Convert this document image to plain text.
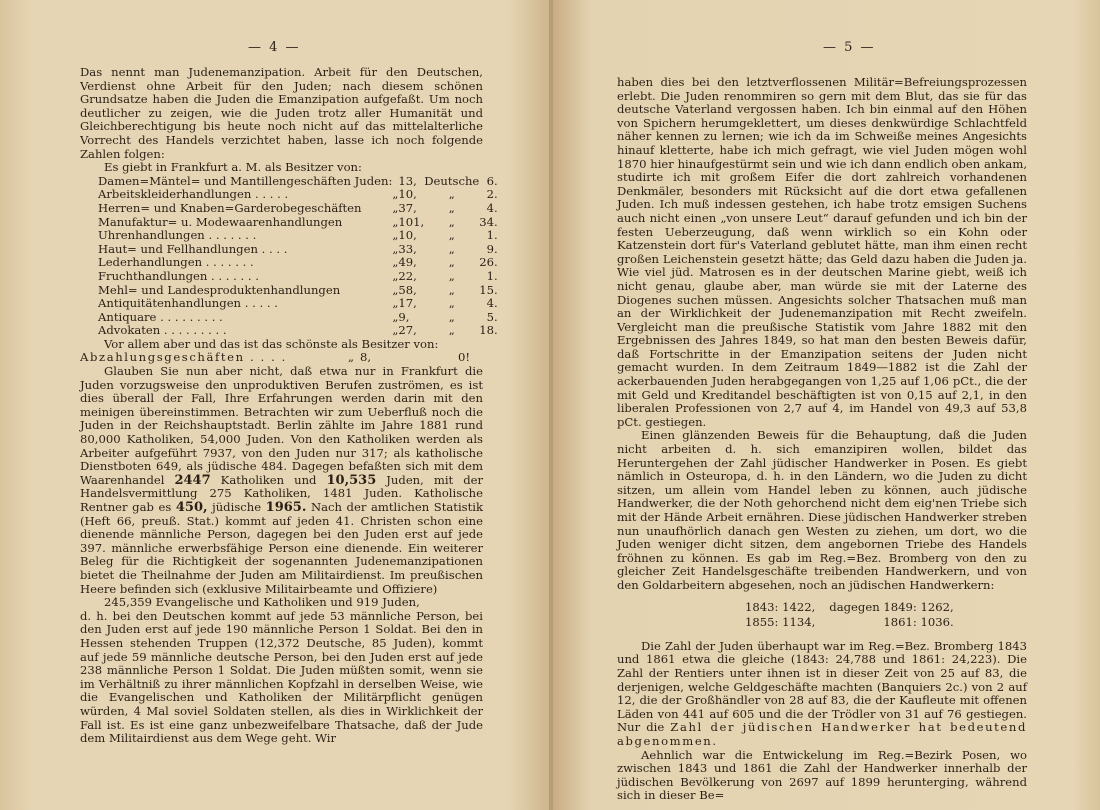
— 4 —

Das nennt man Judenemanzipation. Arbeit für den Deutschen, Verdienst ohne Arbeit für den Juden; nach diesem schönen Grundsatze haben die Juden die Emanzipation aufgefaßt. Um noch deutlicher zu zeigen, wie die Juden trotz aller Humanität und Gleichberechtigung bis heute noch nicht auf das mittelalterliche Vorrecht des Handels verzichtet haben, lasse ich noch folgende Zahlen folgen:

Es giebt in Frankfurt a. M. als Besitzer von:

Damen=Mäntel= und Mantillengeschäften Juden:		13,	Deutsche	6.
Arbeitskleiderhandlungen . . . . .	„	10,	„	2.
Herren= und Knaben=Garderobegeschäften	„	37,	„	4.
Manufaktur= u. Modewaarenhandlungen	„	101,	„	34.
Uhrenhandlungen . . . . . . .	„	10,	„	1.
Haut= und Fellhandlungen . . . .	„	33,	„	9.
Lederhandlungen . . . . . . .	„	49,	„	26.
Fruchthandlungen . . . . . . .	„	22,	„	1.
Mehl= und Landesproduktenhandlungen	„	58,	„	15.
Antiquitätenhandlungen . . . . .	„	17,	„	4.
Antiquare . . . . . . . . .	„	9,	„	5.
Advokaten . . . . . . . . .	„	27,	„	18.

Vor allem aber und das ist das schönste als Besitzer von:

Abzahlungsgeschäften . . . .	„	8,	0!

Glauben Sie nun aber nicht, daß etwa nur in Frankfurt die Juden vorzugsweise den unproduktiven Berufen zuströmen, es ist dies überall der Fall, Ihre Erfahrungen werden darin mit den meinigen übereinstimmen. Betrachten wir zum Ueberfluß noch die Juden in der Reichshauptstadt. Berlin zählte im Jahre 1881 rund 80,000 Katholiken, 54,000 Juden. Von den Katholiken werden als Arbeiter aufgeführt 7937, von den Juden nur 317; als katholische Dienstboten 649, als jüdische 484. Dagegen befaßten sich mit dem Waarenhandel 2447 Katholiken und 10,535 Juden, mit der Handelsvermittlung 275 Katholiken, 1481 Juden. Katholische Rentner gab es 450, jüdische 1965. Nach der amtlichen Statistik (Heft 66, preuß. Stat.) kommt auf jeden 41. Christen schon eine dienende männliche Person, dagegen bei den Juden erst auf jede 397. männliche erwerbsfähige Person eine dienende. Ein weiterer Beleg für die Richtigkeit der sogenannten Judenemanzipationen bietet die Theilnahme der Juden am Militairdienst. Im preußischen Heere befinden sich (exklusive Militairbeamte und Offiziere)

245,359 Evangelische und Katholiken und 919 Juden,

d. h. bei den Deutschen kommt auf jede 53 männliche Person, bei den Juden erst auf jede 190 männliche Person 1 Soldat. Bei den in Hessen stehenden Truppen (12,372 Deutsche, 85 Juden), kommt auf jede 59 männliche deutsche Person, bei den Juden erst auf jede 238 männliche Person 1 Soldat. Die Juden müßten somit, wenn sie im Verhältniß zu ihrer männlichen Kopfzahl in derselben Weise, wie die Evangelischen und Katholiken der Militärpflicht genügen würden, 4 Mal soviel Soldaten stellen, als dies in Wirklichkeit der Fall ist. Es ist eine ganz unbezweifelbare Thatsache, daß der Jude dem Militairdienst aus dem Wege geht. Wir

— 5 —

haben dies bei den letztverflossenen Militär=Befreiungsprozessen erlebt. Die Juden renommiren so gern mit dem Blut, das sie für das deutsche Vaterland vergossen haben. Ich bin einmal auf den Höhen von Spichern herumgeklettert, um dieses denkwürdige Schlachtfeld näher kennen zu lernen; wie ich da im Schweiße meines Angesichts hinauf kletterte, habe ich mich gefragt, wie viel Juden mögen wohl 1870 hier hinaufgestürmt sein und wie ich dann endlich oben ankam, studirte ich mit großem Eifer die dort zahlreich vorhandenen Denkmäler, besonders mit Rücksicht auf die dort etwa gefallenen Juden. Ich muß indessen gestehen, ich habe trotz emsigen Suchens auch nicht einen „von unsere Leut“ darauf gefunden und ich bin der festen Ueberzeugung, daß wenn wirklich so ein Kohn oder Katzenstein dort für's Vaterland geblutet hätte, man ihm einen recht großen Leichenstein gesetzt hätte; das Geld dazu haben die Juden ja. Wie viel jüd. Matrosen es in der deutschen Marine giebt, weiß ich nicht genau, glaube aber, man würde sie mit der Laterne des Diogenes suchen müssen. Angesichts solcher Thatsachen muß man an der Wirklichkeit der Judenemanzipation mit Recht zweifeln. Vergleicht man die preußische Statistik vom Jahre 1882 mit den Ergebnissen des Jahres 1849, so hat man den besten Beweis dafür, daß Fortschritte in der Emanzipation seitens der Juden nicht gemacht wurden. In dem Zeitraum 1849—1882 ist die Zahl der ackerbauenden Juden herabgegangen von 1,25 auf 1,06 pCt., die der mit Geld und Kreditandel beschäftigten ist von 0,15 auf 2,1, in den liberalen Professionen von 2,7 auf 4, im Handel von 49,3 auf 53,8 pCt. gestiegen.

Einen glänzenden Beweis für die Behauptung, daß die Juden nicht arbeiten d. h. sich emanzipiren wollen, bildet das Heruntergehen der Zahl jüdischer Handwerker in Posen. Es giebt nämlich in Osteuropa, d. h. in den Ländern, wo die Juden zu dicht sitzen, um allein vom Handel leben zu können, auch jüdische Handwerker, die der Noth gehorchend nicht dem eig'nen Triebe sich mit der Hände Arbeit ernähren. Diese jüdischen Handwerker streben nun unaufhörlich danach gen Westen zu ziehen, um dort, wo die Juden weniger dicht sitzen, dem angebornen Triebe des Handels fröhnen zu können. Es gab im Reg.=Bez. Bromberg von den zu gleicher Zeit Handelsgeschäfte treibenden Handwerkern, und von den Goldarbeitern abgesehen, noch an jüdischen Handwerkern:

1843: 1422,	dagegen 1849: 1262,
1855: 1134,	1861: 1036.

Die Zahl der Juden überhaupt war im Reg.=Bez. Bromberg 1843 und 1861 etwa die gleiche (1843: 24,788 und 1861: 24,223). Die Zahl der Rentiers unter ihnen ist in dieser Zeit von 25 auf 83, die derjenigen, welche Geldgeschäfte machten (Banquiers 2c.) von 2 auf 12, die der Großhändler von 28 auf 83, die der Kaufleute mit offenen Läden von 441 auf 605 und die der Trödler von 31 auf 76 gestiegen. Nur die Zahl der jüdischen Handwerker hat bedeutend abgenommen.

Aehnlich war die Entwickelung im Reg.=Bezirk Posen, wo zwischen 1843 und 1861 die Zahl der Handwerker innerhalb der jüdischen Bevölkerung von 2697 auf 1899 herunterging, während sich in dieser Be=
